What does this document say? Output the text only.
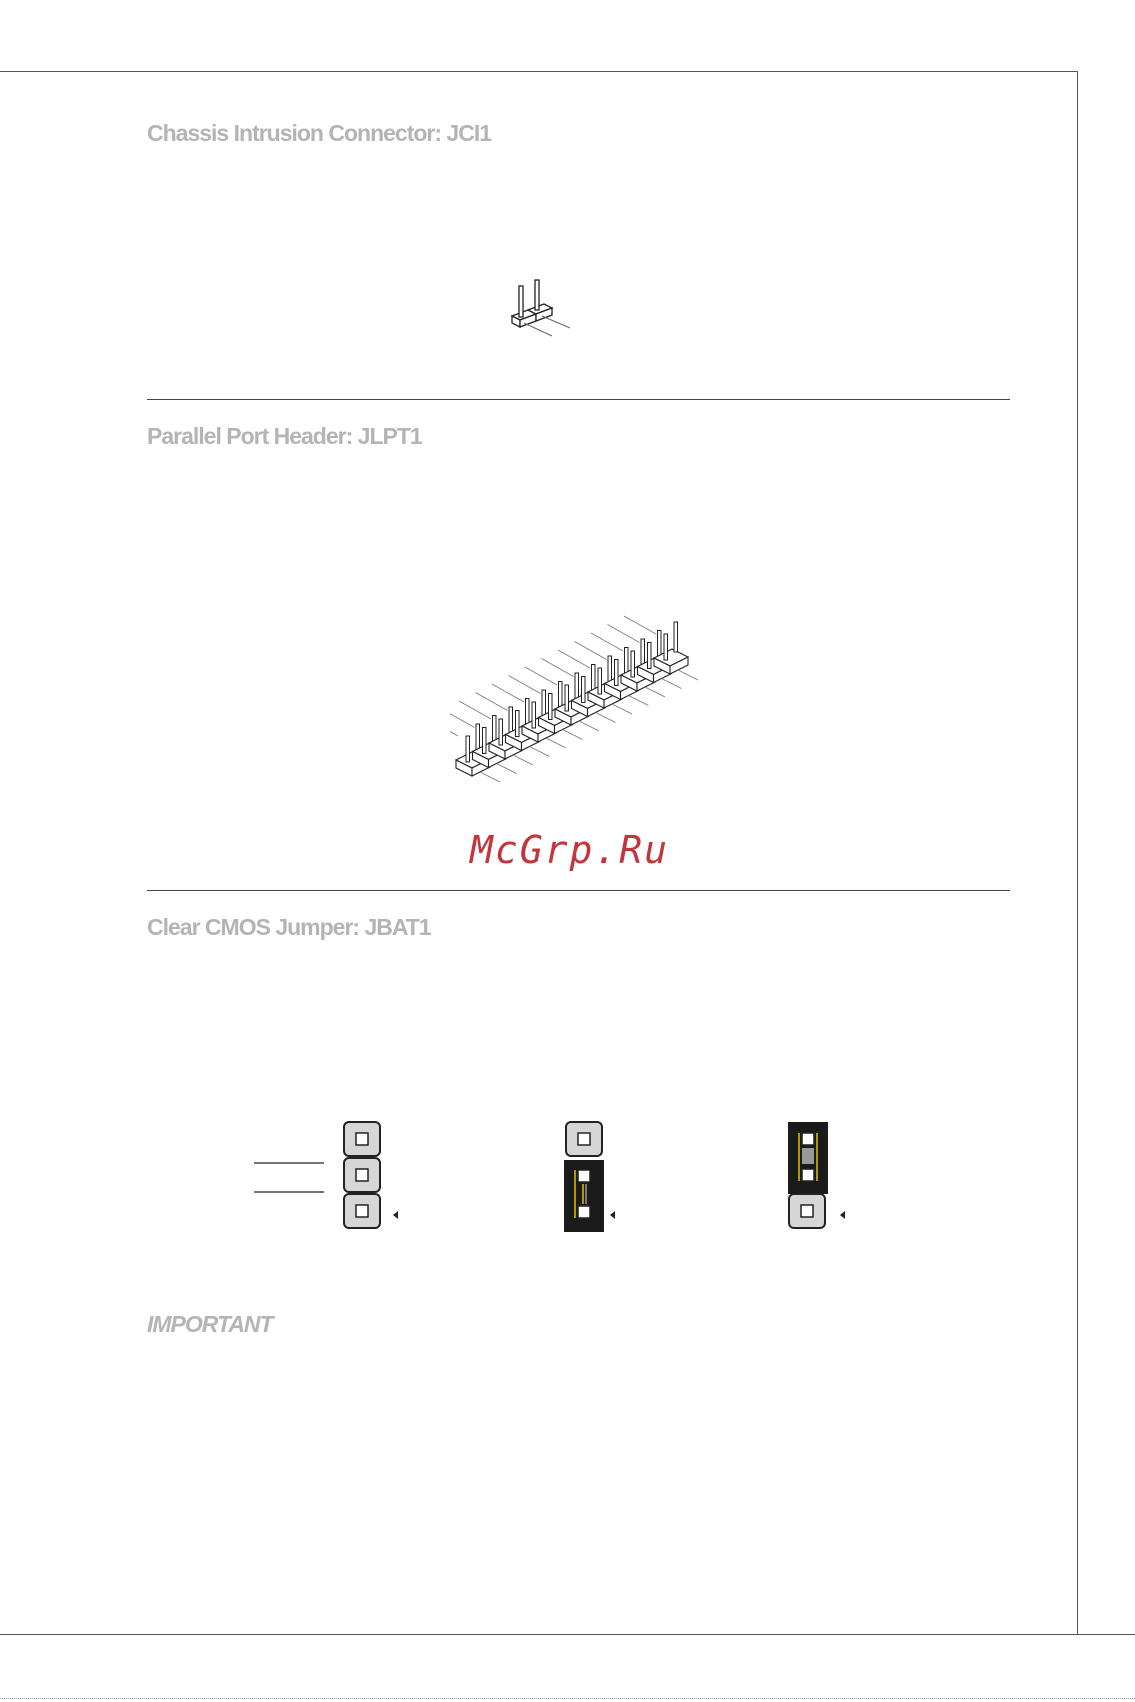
Chassis Intrusion Connector: JCI1
Parallel Port Header: JLPT1

McGrp.Ru

Clear CMOS Jumper: JBAT1
IMPORTANT
